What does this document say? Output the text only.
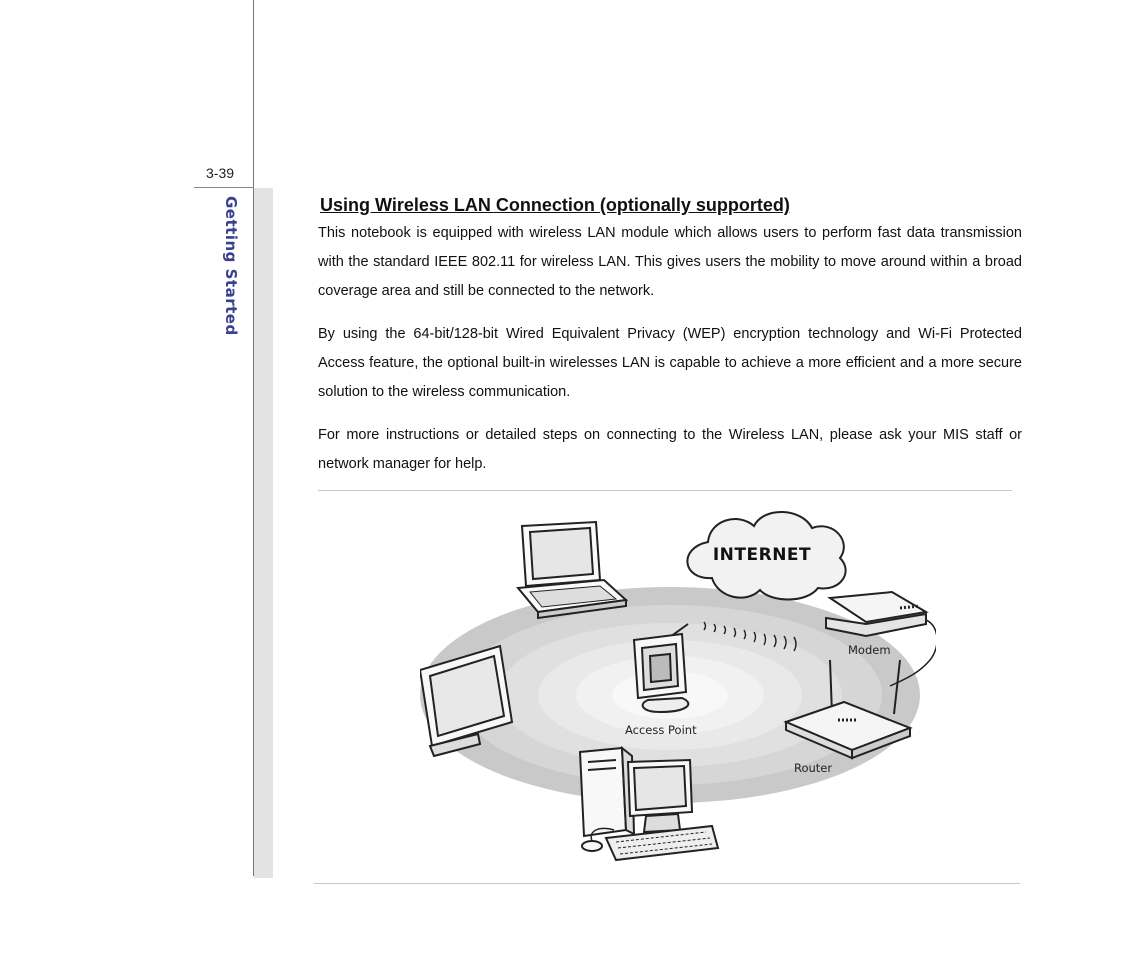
3-39
Getting Started	Using Wireless LAN Connection (optionally supported)

This notebook is equipped with wireless LAN module which allows users to perform fast data transmission with the standard IEEE 802.11 for wireless LAN. This gives users the mobility to move around within a broad coverage area and still be connected to the network.

By using the 64-bit/128-bit Wired Equivalent Privacy (WEP) encryption technology and Wi-Fi Protected Access feature, the optional built-in wirelesses LAN is capable to achieve a more efficient and a more secure solution to the wireless communication.

For more instructions or detailed steps on connecting to the Wireless LAN, please ask your MIS staff or network manager for help.

INTERNET
Modem
Access Point
Router
